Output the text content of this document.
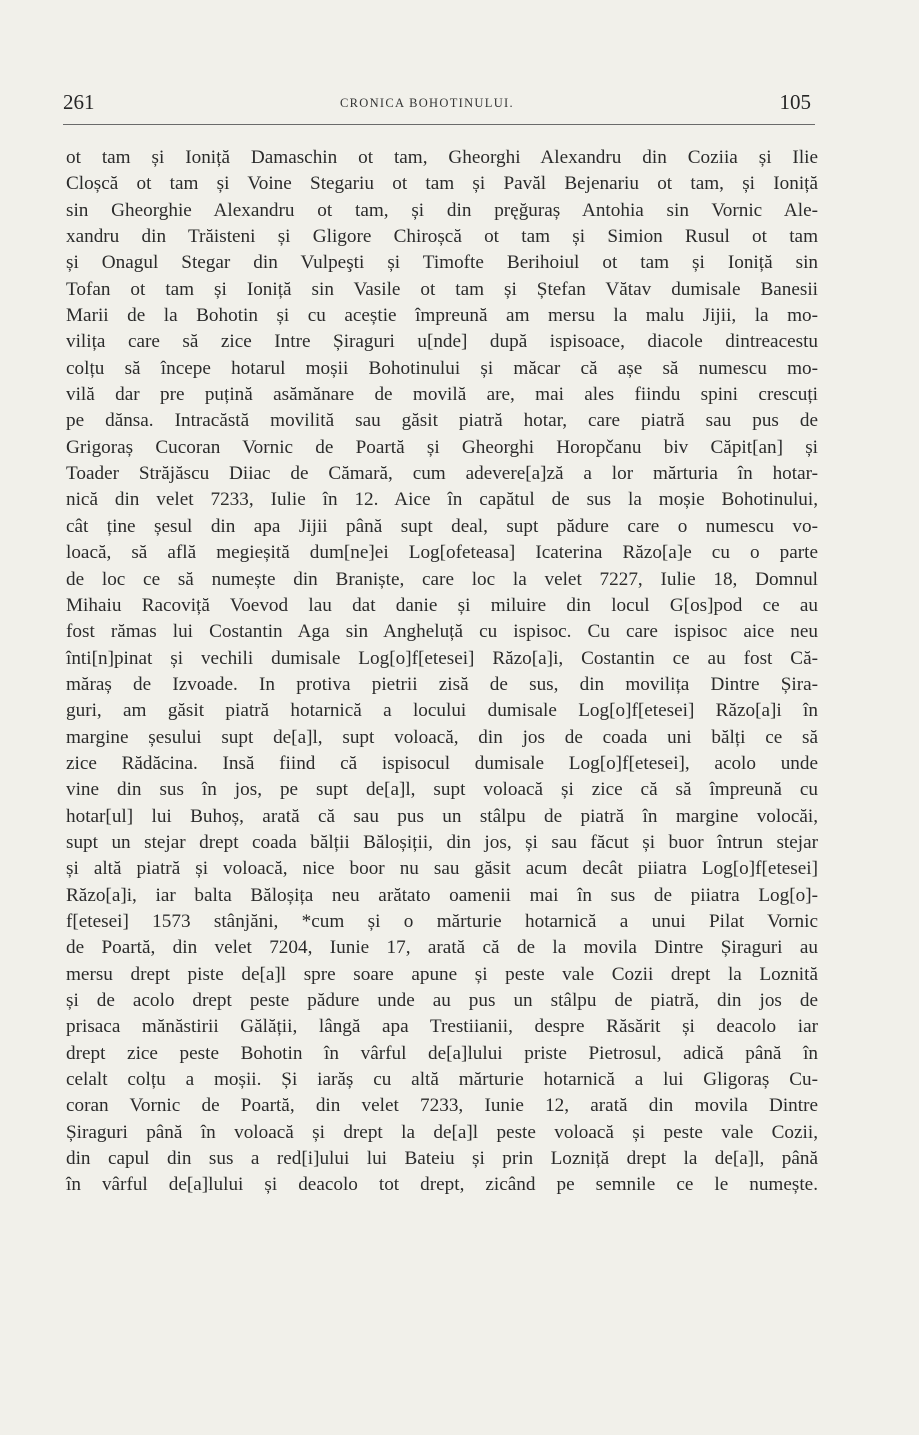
261	CRONICA BOHOTINULUI.	105
ot tam și Ioniță Damaschin ot tam, Gheorghi Alexandru din Coziia și Ilie
Cloșcă ot tam și Voine Stegariu ot tam și Pavăl Bejenariu ot tam, și Ioniță
sin Gheorghie Alexandru ot tam, și din pręğuraș Antohia sin Vornic Ale-
xandru din Trăisteni și Gligore Chiroșcă ot tam și Simion Rusul ot tam
și Onagul Stegar din Vulpeşti și Timofte Berihoiul ot tam și Ioniță sin
Tofan ot tam și Ioniță sin Vasile ot tam și Ștefan Vătav dumisale Banesii
Marii de la Bohotin și cu aceștie împreună am mersu la malu Jijii, la mo-
vilița care să zice Intre Șiraguri u[nde] după ispisoace, diacole dintreacestu
colțu să începe hotarul moșii Bohotinului și măcar că așe să numescu mo-
vilă dar pre puțină asămănare de movilă are, mai ales fiindu spini crescuți
pe dănsa. Intracăstă movilită sau găsit piatră hotar, care piatră sau pus de
Grigoraș Cucoran Vornic de Poartă și Gheorghi Horopčanu biv Căpit[an] și
Toader Străjăscu Diiac de Cămară, cum adevere[a]ză a lor mărturia în hotar-
nică din velet 7233, Iulie în 12. Aice în capătul de sus la moșie Bohotinului,
cât ține șesul din apa Jijii până supt deal, supt pădure care o numescu vo-
loacă, să află megieșită dum[ne]ei Log[ofeteasa] Icaterina Răzo[a]e cu o parte
de loc ce să numește din Braniște, care loc la velet 7227, Iulie 18, Domnul
Mihaiu Racoviță Voevod lau dat danie și miluire din locul G[os]pod ce au
fost rămas lui Costantin Aga sin Angheluță cu ispisoc. Cu care ispisoc aice neu
înti[n]pinat și vechili dumisale Log[o]f[etesei] Răzo[a]i, Costantin ce au fost Că-
măraș de Izvoade. In protiva pietrii zisă de sus, din movilița Dintre Șira-
guri, am găsit piatră hotarnică a locului dumisale Log[o]f[etesei] Răzo[a]i în
margine șesului supt de[a]l, supt voloacă, din jos de coada uni bălți ce să
zice Rădăcina. Insă fiind că ispisocul dumisale Log[o]f[etesei], acolo unde
vine din sus în jos, pe supt de[a]l, supt voloacă și zice că să împreună cu
hotar[ul] lui Buhoș, arată că sau pus un stâlpu de piatră în margine volocăi,
supt un stejar drept coada bălții Băloșiții, din jos, și sau făcut și buor întrun stejar
și altă piatră și voloacă, nice boor nu sau găsit acum decât piiatra Log[o]f[etesei]
Răzo[a]i, iar balta Băloșița neu arătato oamenii mai în sus de piiatra Log[o]-
f[etesei] 1573 stânjăni, *cum și o mărturie hotarnică a unui Pilat Vornic
de Poartă, din velet 7204, Iunie 17, arată că de la movila Dintre Șiraguri au
mersu drept piste de[a]l spre soare apune și peste vale Cozii drept la Loznită
și de acolo drept peste pădure unde au pus un stâlpu de piatră, din jos de
prisaca mănăstirii Gălății, lângă apa Trestiianii, despre Răsărit și deacolo iar
drept zice peste Bohotin în vârful de[a]lului priste Pietrosul, adică până în
celalt colțu a moșii. Și iarăș cu altă mărturie hotarnică a lui Gligoraș Cu-
coran Vornic de Poartă, din velet 7233, Iunie 12, arată din movila Dintre
Șiraguri până în voloacă și drept la de[a]l peste voloacă și peste vale Cozii,
din capul din sus a red[i]ului lui Bateiu și prin Lozniță drept la de[a]l, până
în vârful de[a]lului și deacolo tot drept, zicând pe semnile ce le numește.
